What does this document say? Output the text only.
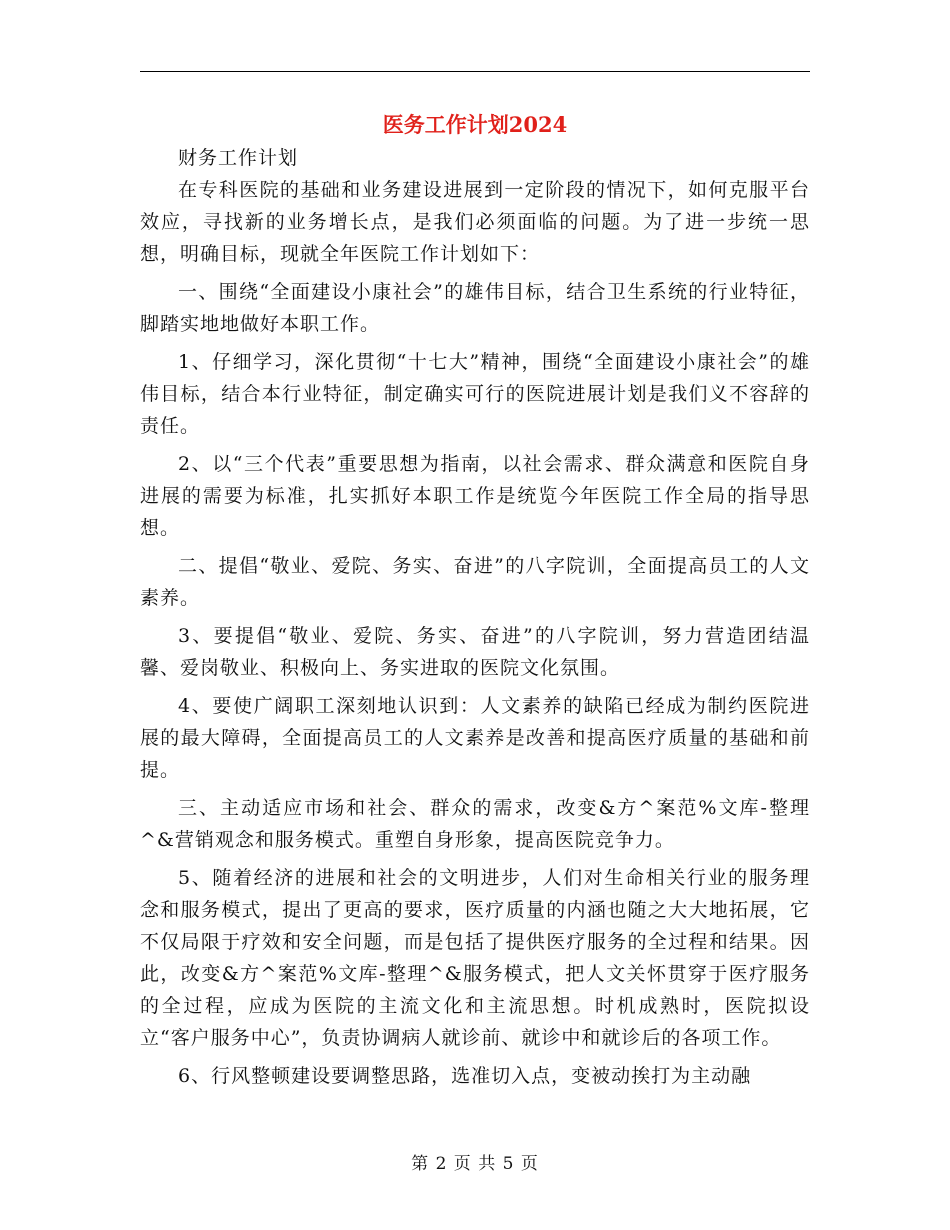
医务工作计划2024

财务工作计划

在专科医院的基础和业务建设进展到一定阶段的情况下，如何克服平台效应，寻找新的业务增长点，是我们必须面临的问题。为了进一步统一思想，明确目标，现就全年医院工作计划如下：

一、围绕“全面建设小康社会”的雄伟目标，结合卫生系统的行业特征，脚踏实地地做好本职工作。

1、仔细学习，深化贯彻“十七大”精神，围绕“全面建设小康社会”的雄伟目标，结合本行业特征，制定确实可行的医院进展计划是我们义不容辞的责任。

2、以“三个代表”重要思想为指南，以社会需求、群众满意和医院自身进展的需要为标准，扎实抓好本职工作是统览今年医院工作全局的指导思想。

二、提倡“敬业、爱院、务实、奋进”的八字院训，全面提高员工的人文素养。

3、要提倡“敬业、爱院、务实、奋进”的八字院训，努力营造团结温馨、爱岗敬业、积极向上、务实进取的医院文化氛围。

4、要使广阔职工深刻地认识到：人文素养的缺陷已经成为制约医院进展的最大障碍，全面提高员工的人文素养是改善和提高医疗质量的基础和前提。

三、主动适应市场和社会、群众的需求，改变&方^案范%文库-整理^&营销观念和服务模式。重塑自身形象，提高医院竞争力。

5、随着经济的进展和社会的文明进步，人们对生命相关行业的服务理念和服务模式，提出了更高的要求，医疗质量的内涵也随之大大地拓展，它不仅局限于疗效和安全问题，而是包括了提供医疗服务的全过程和结果。因此，改变&方^案范%文库-整理^&服务模式，把人文关怀贯穿于医疗服务的全过程，应成为医院的主流文化和主流思想。时机成熟时，医院拟设立“客户服务中心”，负责协调病人就诊前、就诊中和就诊后的各项工作。

6、行风整顿建设要调整思路，选准切入点，变被动挨打为主动融

第 2 页 共 5 页
